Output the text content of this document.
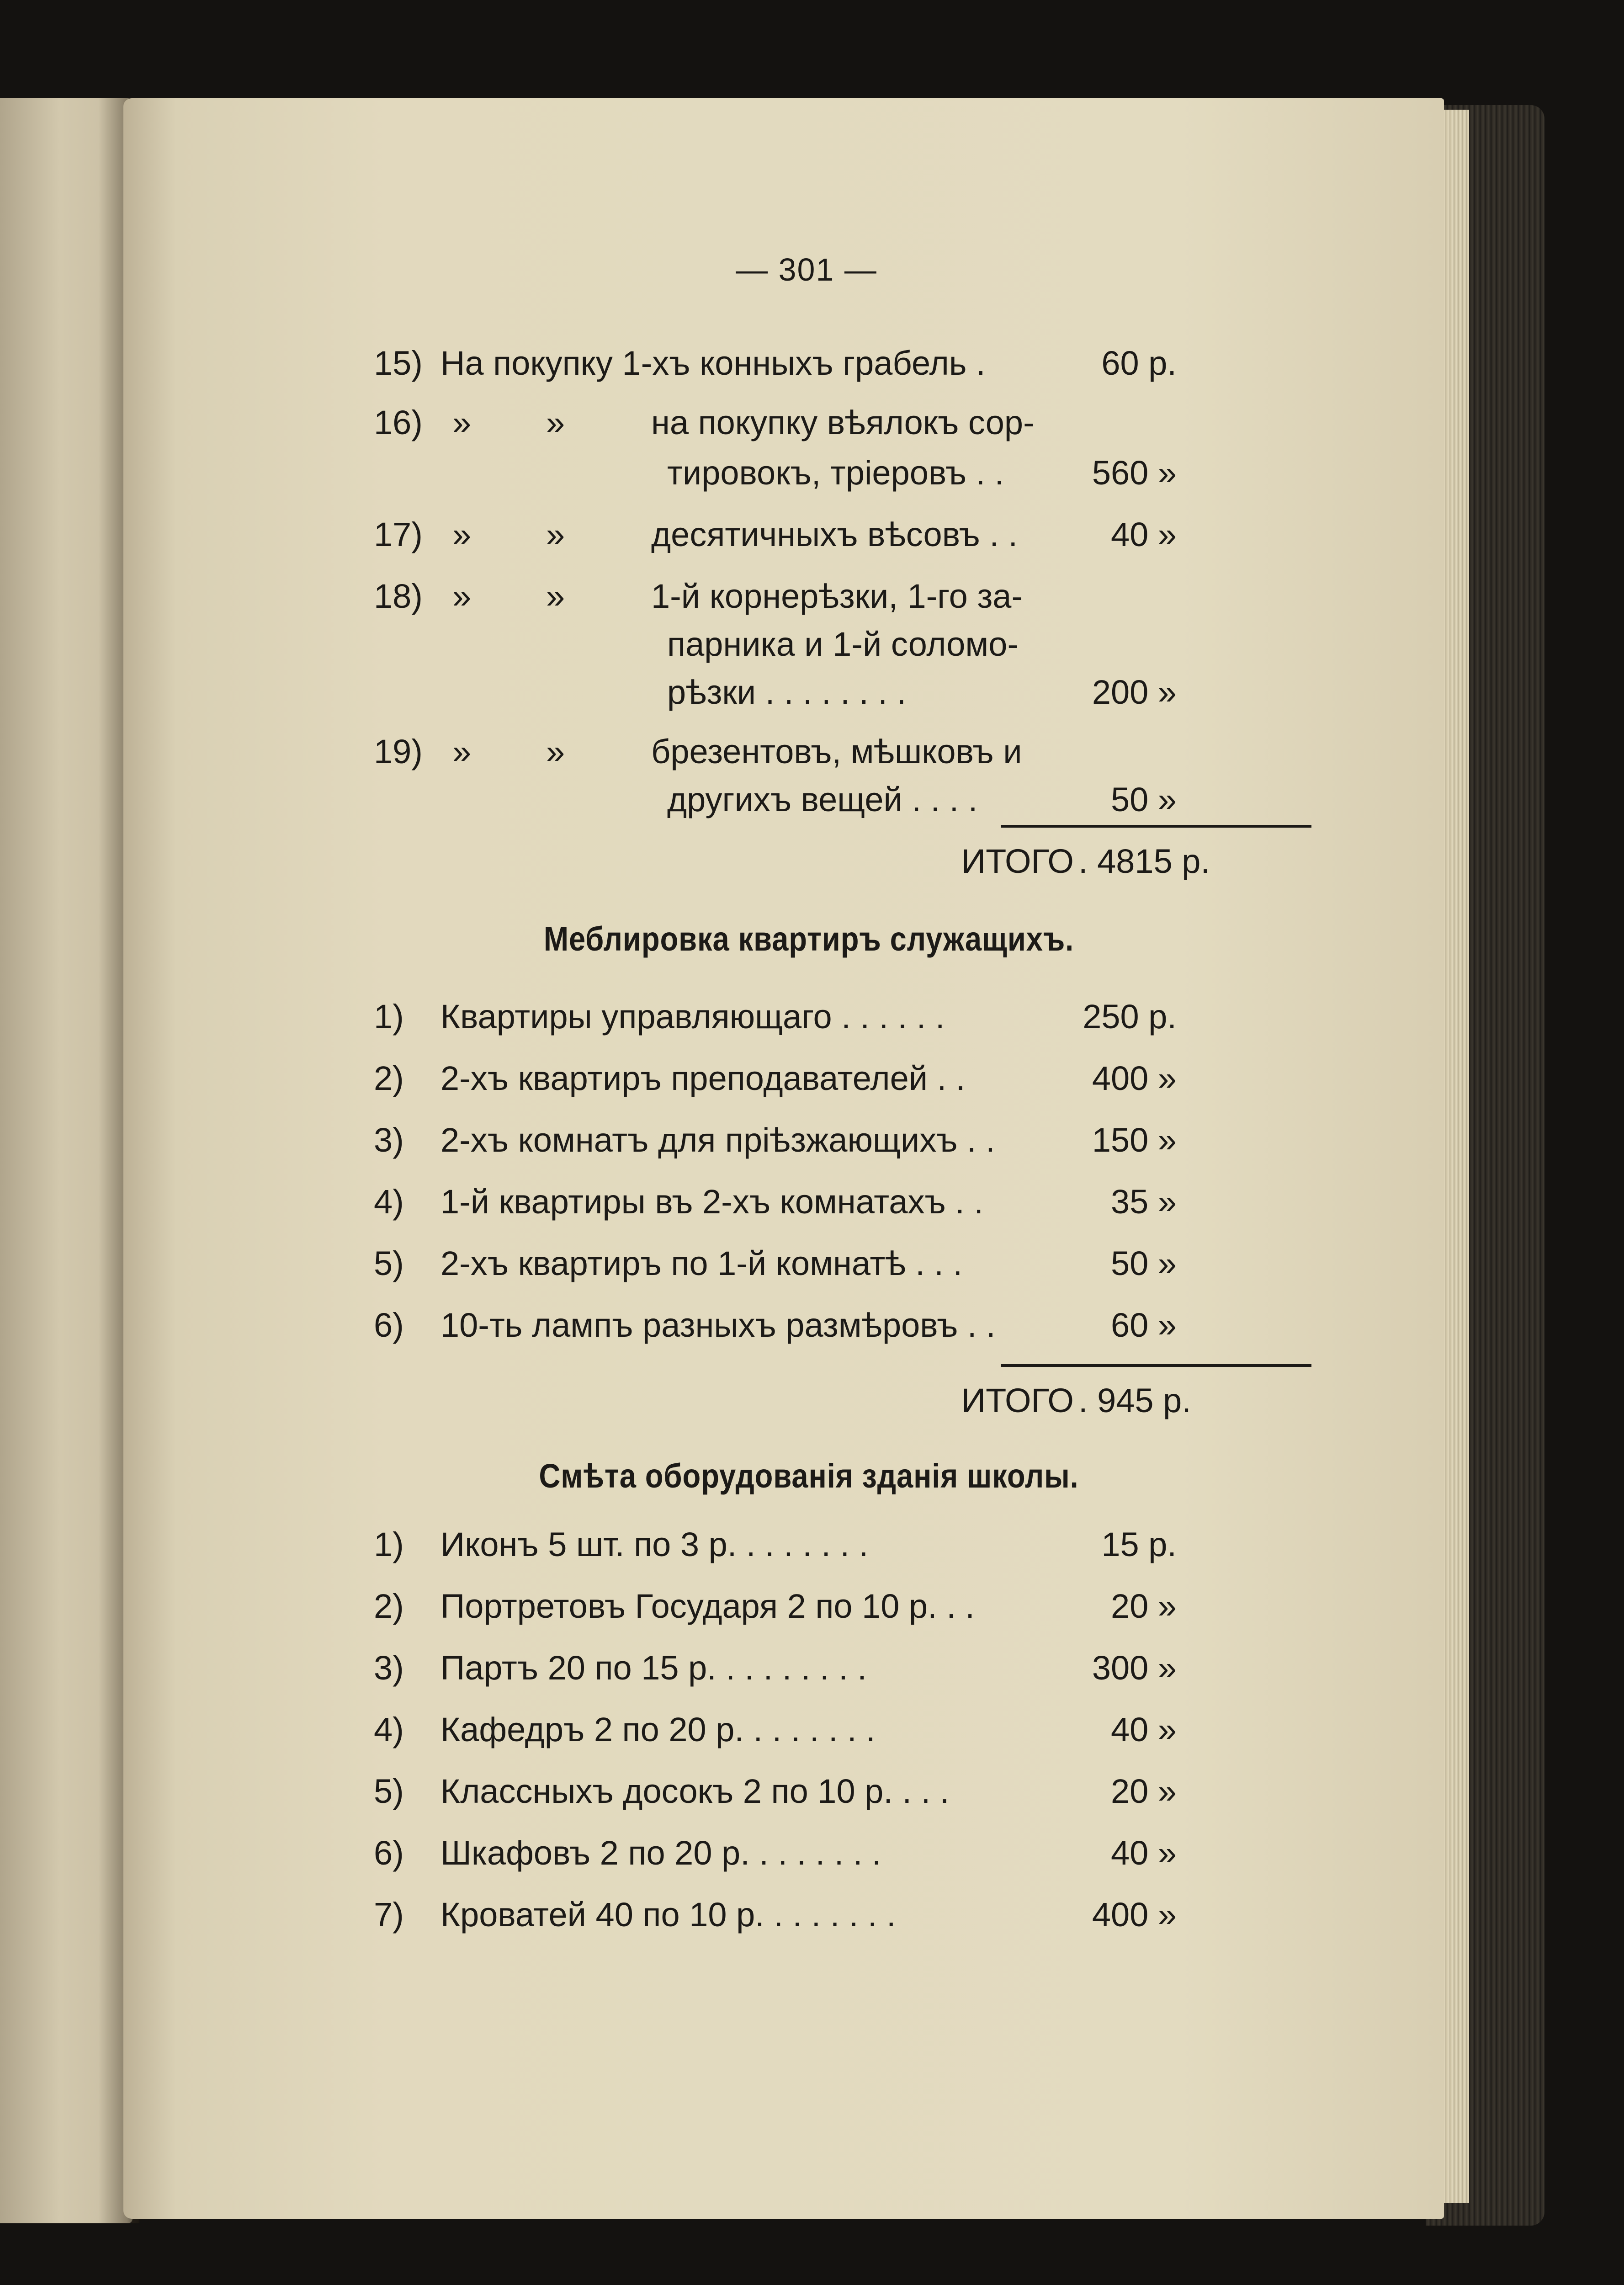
— 301 —
15) На покупку 1-хъ конныхъ грабель .	60 р.
16) » »	на покупку вѣялокъ сор-
тировокъ, тріеровъ . .	560 »
17) » »	десятичныхъ вѣсовъ . .	40 »
18) » »	1-й корнерѣзки, 1-го за-
парника и 1-й соломо-
рѣзки . . . . . . . .	200 »
19) » »	брезентовъ, мѣшковъ и
другихъ вещей . . . .	50 »
ИТОГО . 4815 р.
Меблировка квартиръ служащихъ.
1)	Квартиры управляющаго . . . . . .	250 р.
2)	2-хъ квартиръ преподавателей . .	400 »
3)	2-хъ комнатъ для пріѣзжающихъ . .	150 »
4)	1-й квартиры въ 2-хъ комнатахъ . .	35 »
5)	2-хъ квартиръ по 1-й комнатѣ . . .	50 »
6)	10-ть лампъ разныхъ размѣровъ . .	60 »
ИТОГО . 945 р.
Смѣта оборудованія зданія школы.
1)	Иконъ 5 шт. по 3 р. . . . . . . .	15 р.
2)	Портретовъ Государя 2 по 10 р. . .	20 »
3)	Партъ 20 по 15 р. . . . . . . . .	300 »
4)	Кафедръ 2 по 20 р. . . . . . . .	40 »
5)	Классныхъ досокъ 2 по 10 р. . . .	20 »
6)	Шкафовъ 2 по 20 р. . . . . . . .	40 »
7)	Кроватей 40 по 10 р. . . . . . . .	400 »
